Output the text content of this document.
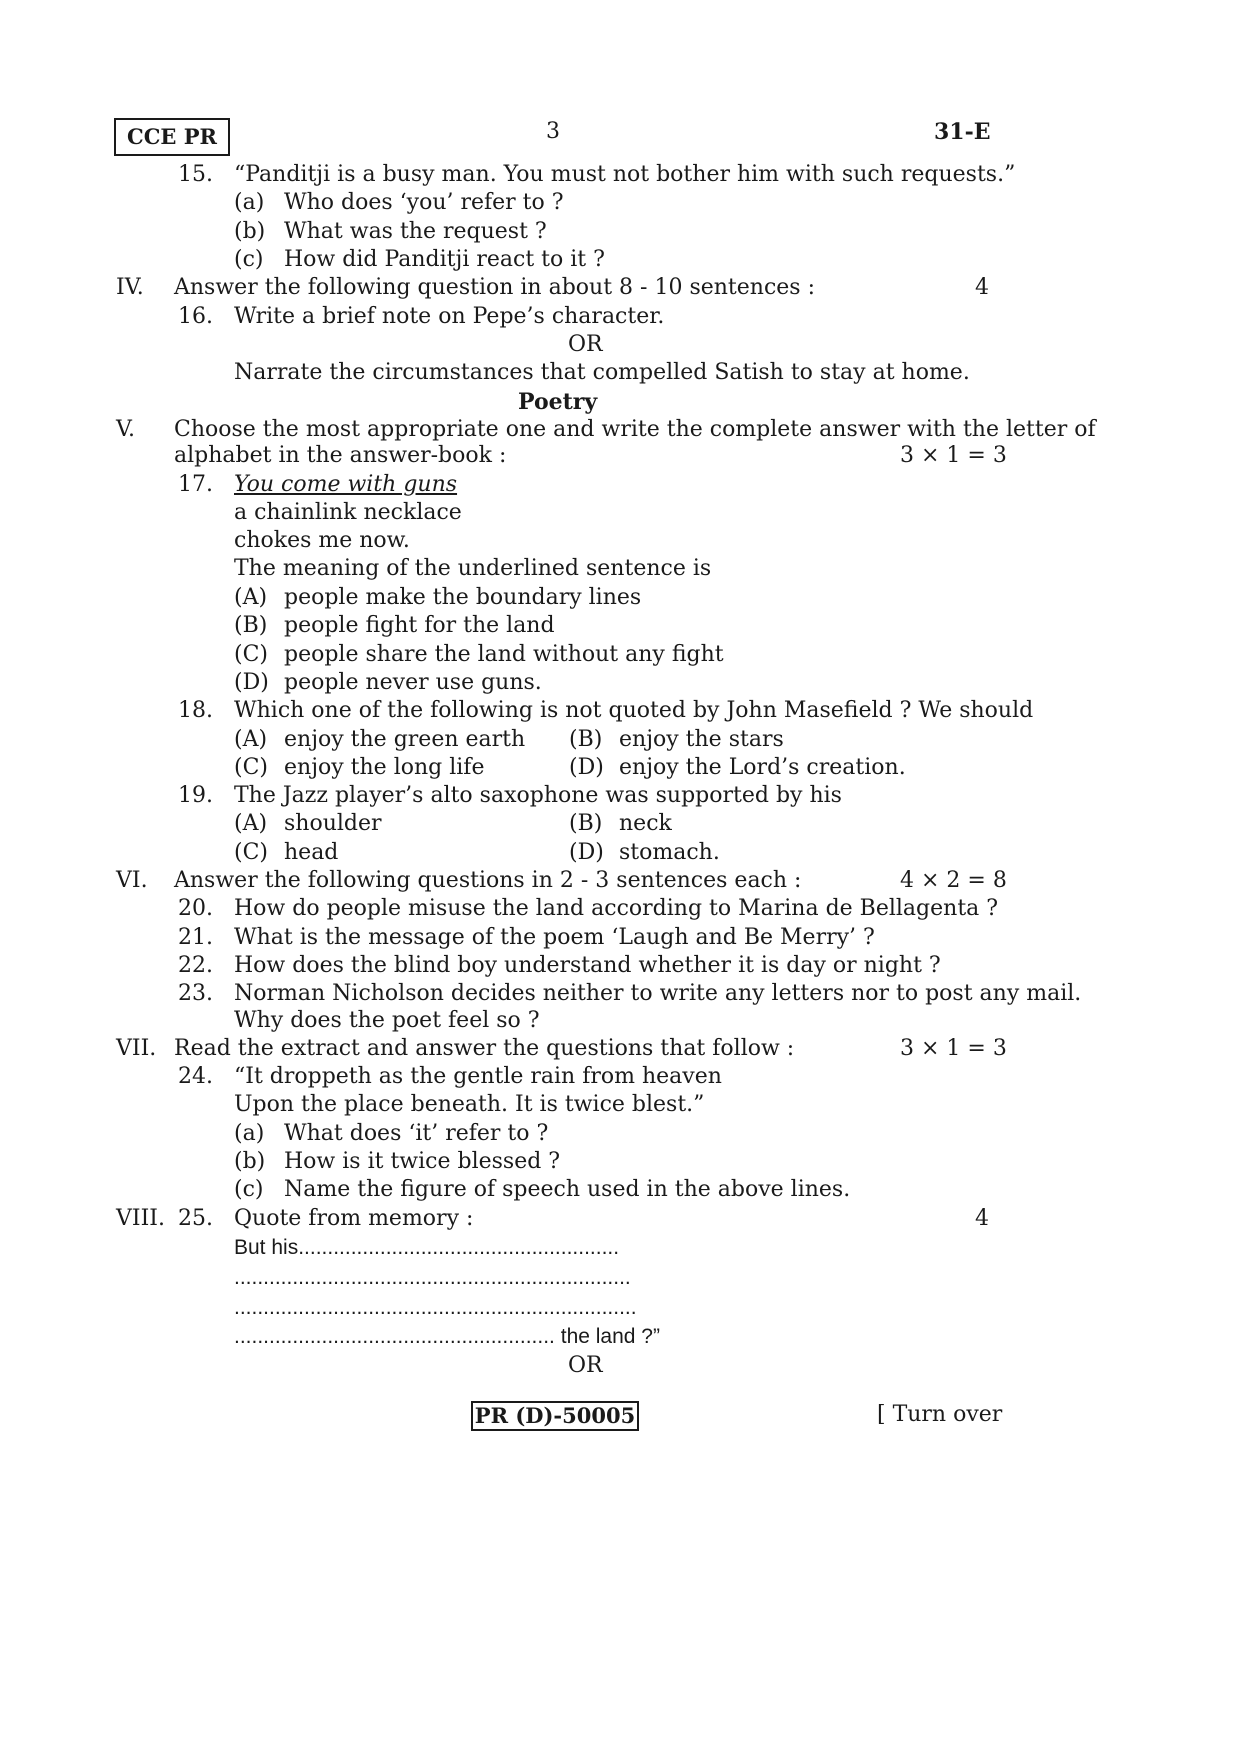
CCE PR	3	31-E
15. “Panditji is a busy man. You must not bother him with such requests.”
(a) Who does ‘you’ refer to ?
(b) What was the request ?
(c) How did Panditji react to it ?
IV. Answer the following question in about 8 - 10 sentences :	4
16. Write a brief note on Pepe’s character.
OR
Narrate the circumstances that compelled Satish to stay at home.
Poetry
V. Choose the most appropriate one and write the complete answer with the letter of
alphabet in the answer-book :	3 × 1 = 3
17. You come with guns
a chainlink necklace
chokes me now.
The meaning of the underlined sentence is
(A) people make the boundary lines
(B) people fight for the land
(C) people share the land without any fight
(D) people never use guns.
18. Which one of the following is not quoted by John Masefield ? We should
(A) enjoy the green earth (B) enjoy the stars
(C) enjoy the long life	(D) enjoy the Lord’s creation.
19. The Jazz player’s alto saxophone was supported by his
(A) shoulder	(B) neck
(C) head	(D) stomach.
VI. Answer the following questions in 2 - 3 sentences each :	4 × 2 = 8
20. How do people misuse the land according to Marina de Bellagenta ?
21. What is the message of the poem ‘Laugh and Be Merry’ ?
22. How does the blind boy understand whether it is day or night ?
23. Norman Nicholson decides neither to write any letters nor to post any mail.
Why does the poet feel so ?
VII. Read the extract and answer the questions that follow :	3 × 1 = 3
24. “It droppeth as the gentle rain from heaven
Upon the place beneath. It is twice blest.”
(a) What does ‘it’ refer to ?
(b) How is it twice blessed ?
(c) Name the figure of speech used in the above lines.
VIII. 25. Quote from memory :	4
But his.......................................................
....................................................................
.....................................................................
....................................................... the land ?”
OR
PR (D)-50005	[ Turn over
